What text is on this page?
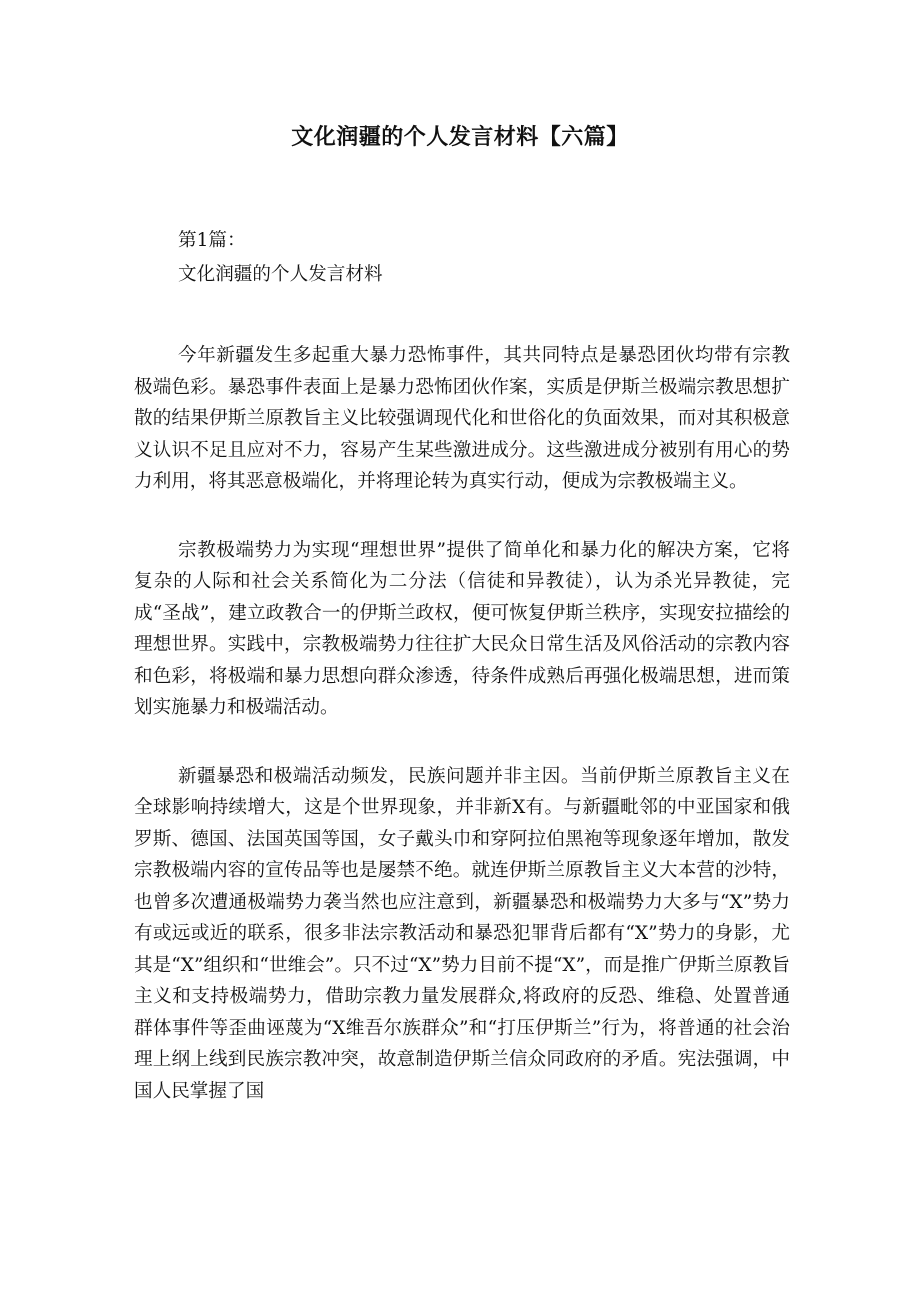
文化润疆的个人发言材料【六篇】
第1篇：
文化润疆的个人发言材料

今年新疆发生多起重大暴力恐怖事件，其共同特点是暴恐团伙均带有宗教极端色彩。暴恐事件表面上是暴力恐怖团伙作案，实质是伊斯兰极端宗教思想扩散的结果伊斯兰原教旨主义比较强调现代化和世俗化的负面效果，而对其积极意义认识不足且应对不力，容易产生某些激进成分。这些激进成分被别有用心的势力利用，将其恶意极端化，并将理论转为真实行动，便成为宗教极端主义。

宗教极端势力为实现“理想世界”提供了简单化和暴力化的解决方案，它将复杂的人际和社会关系简化为二分法（信徒和异教徒），认为杀光异教徒，完成“圣战”，建立政教合一的伊斯兰政权，便可恢复伊斯兰秩序，实现安拉描绘的理想世界。实践中，宗教极端势力往往扩大民众日常生活及风俗活动的宗教内容和色彩，将极端和暴力思想向群众渗透，待条件成熟后再强化极端思想，进而策划实施暴力和极端活动。

新疆暴恐和极端活动频发，民族问题并非主因。当前伊斯兰原教旨主义在全球影响持续增大，这是个世界现象，并非新X有。与新疆毗邻的中亚国家和俄罗斯、德国、法国英国等国，女子戴头巾和穿阿拉伯黑袍等现象逐年增加，散发宗教极端内容的宣传品等也是屡禁不绝。就连伊斯兰原教旨主义大本营的沙特，也曾多次遭通极端势力袭当然也应注意到，新疆暴恐和极端势力大多与“X”势力有或远或近的联系，很多非法宗教活动和暴恐犯罪背后都有“X”势力的身影，尤其是“X”组织和“世维会”。只不过“X”势力目前不提“X”，而是推广伊斯兰原教旨主义和支持极端势力，借助宗教力量发展群众,将政府的反恐、维稳、处置普通群体事件等歪曲诬蔑为“X维吾尔族群众”和“打压伊斯兰”行为，将普通的社会治理上纲上线到民族宗教冲突，故意制造伊斯兰信众同政府的矛盾。宪法强调，中国人民掌握了国
